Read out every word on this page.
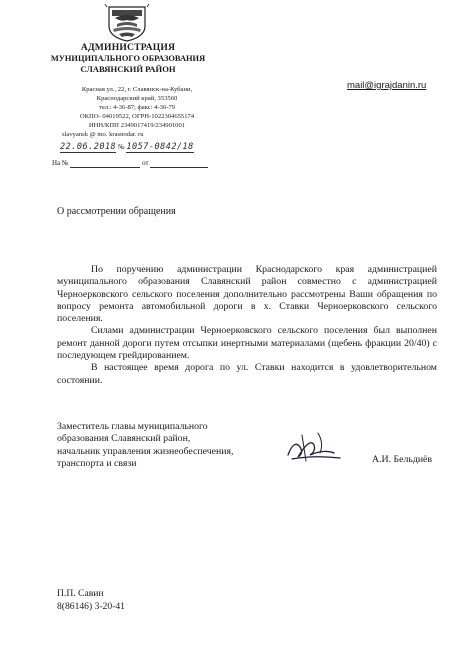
АДМИНИСТРАЦИЯ
МУНИЦИПАЛЬНОГО ОБРАЗОВАНИЯ
СЛАВЯНСКИЙ РАЙОН
Красная ул., 22, г. Славянск-на-Кубани,
Краснодарский край, 353560
тел.: 4-36-87; факс: 4-36-79
ОКПО- 04019522, ОГРН-1022304655174
ИНН/КПП 2349017419/234901001
slavyansk @ mo. krasnodar. ru
22.06.2018 № 1057-0842/18
На №	от
mail@igrajdanin.ru
О рассмотрении обращения

По поручению администрации Краснодарского края администрацией муниципального образования Славянский район совместно с администрацией Черноерковского сельского поселения дополнительно рассмотрены Ваши обращения по вопросу ремонта автомобильной дороги в х. Ставки Черноерковского сельского поселения.

Силами администрации Черноерковского сельского поселения был выполнен ремонт данной дороги путем отсыпки инертными материалами (щебень фракции 20/40) с последующем грейдированием.

В настоящее время дорога по ул. Ставки находится в удовлетворительном состоянии.

Заместитель главы муниципального
образования Славянский район,
начальник управления жизнеобеспечения,
транспорта и связи	А.И. Бельдиёв
П.П. Савин
8(86146) 3-20-41
